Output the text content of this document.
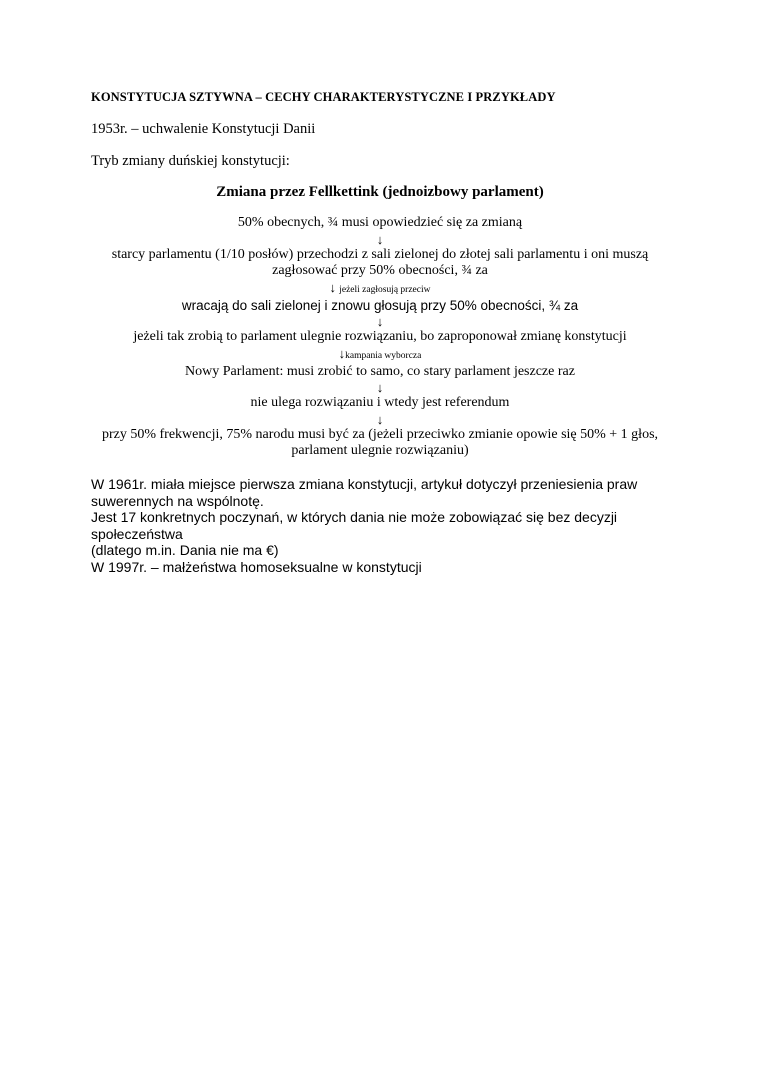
KONSTYTUCJA SZTYWNA – CECHY CHARAKTERYSTYCZNE I PRZYKŁADY
1953r. – uchwalenie Konstytucji Danii
Tryb zmiany duńskiej konstytucji:
Zmiana przez Fellkettink (jednoizbowy parlament)
50% obecnych, ¾ musi opowiedzieć się za zmianą
↓
starcy parlamentu (1/10 posłów) przechodzi z sali zielonej do złotej sali parlamentu i oni muszą
zagłosować przy 50% obecności, ¾ za
↓ jeżeli zagłosują przeciw
wracają do sali zielonej i znowu głosują przy 50% obecności, ¾ za
↓
jeżeli tak zrobią to parlament ulegnie rozwiązaniu, bo zaproponował zmianę konstytucji
↓kampania wyborcza
Nowy Parlament: musi zrobić to samo, co stary parlament jeszcze raz
↓
nie ulega rozwiązaniu i wtedy jest referendum
↓
przy 50% frekwencji, 75% narodu musi być za (jeżeli przeciwko zmianie opowie się 50% + 1 głos,
parlament ulegnie rozwiązaniu)
W 1961r. miała miejsce pierwsza zmiana konstytucji, artykuł dotyczył przeniesienia praw
suwerennych na wspólnotę.
Jest 17 konkretnych poczynań, w których dania nie może zobowiązać się bez decyzji społeczeństwa
(dlatego m.in. Dania nie ma €)
W 1997r. – małżeństwa homoseksualne w konstytucji
